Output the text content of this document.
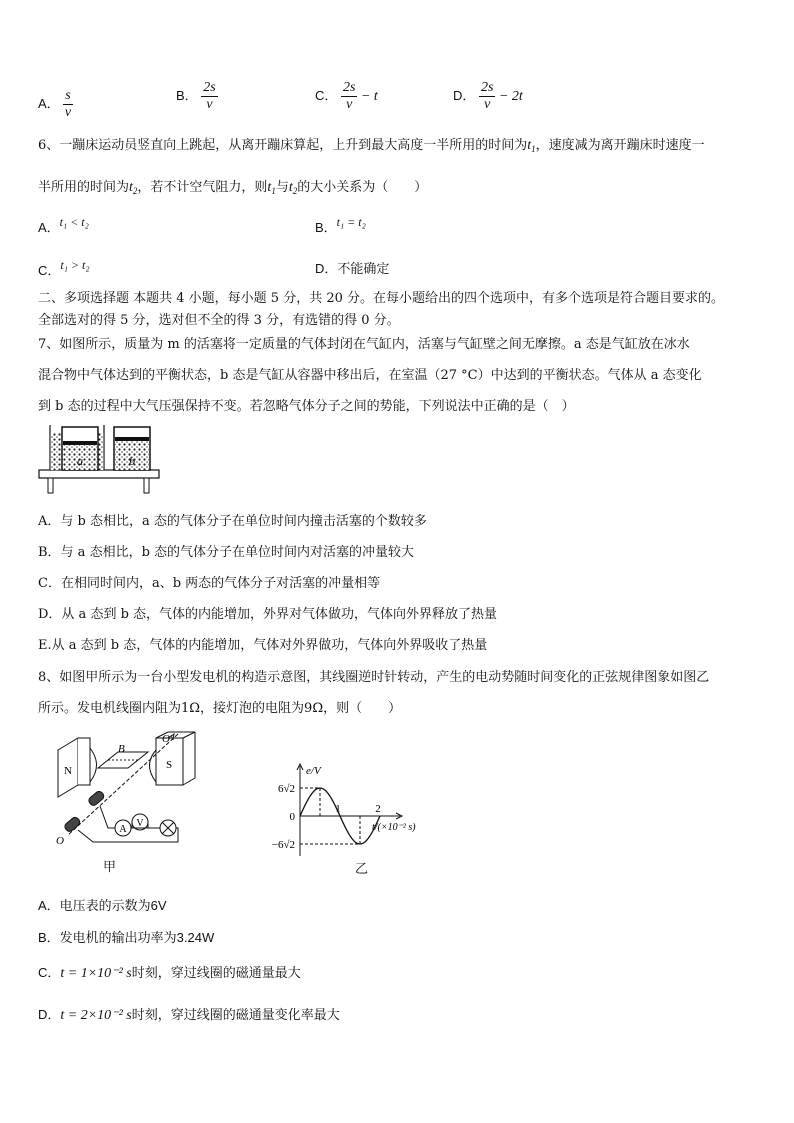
A． $\frac{s}{v}$	B． $\frac{2s}{v}$	C． $\frac{2s}{v} - t$	D． $\frac{2s}{v} - 2t$
6、一蹦床运动员竖直向上跳起，从离开蹦床算起，上升到最大高度一半所用的时间为$t_1$，速度减为离开蹦床时速度一
半所用的时间为$t_2$，若不计空气阻力，则$t_1$与$t_2$的大小关系为（　　）
A．t₁ < t₂	B．t₁ = t₂
C．t₁ > t₂	D．不能确定
二、多项选择题 本题共 4 小题，每小题 5 分，共 20 分。在每小题给出的四个选项中，有多个选项是符合题目要求的。
全部选对的得 5 分，选对但不全的得 3 分，有选错的得 0 分。
7、如图所示，质量为 m 的活塞将一定质量的气体封闭在气缸内，活塞与气缸壁之间无摩擦。a 态是气缸放在冰水
混合物中气体达到的平衡状态，b 态是气缸从容器中移出后，在室温（27 °C）中达到的平衡状态。气体从 a 态变化
到 b 态的过程中大气压强保持不变。若忽略气体分子之间的势能，下列说法中正确的是（　）
a	b
A．与 b 态相比，a 态的气体分子在单位时间内撞击活塞的个数较多
B．与 a 态相比，b 态的气体分子在单位时间内对活塞的冲量较大
C．在相同时间内，a、b 两态的气体分子对活塞的冲量相等
D．从 a 态到 b 态，气体的内能增加，外界对气体做功，气体向外界释放了热量
E.从 a 态到 b 态，气体的内能增加，气体对外界做功，气体向外界吸收了热量
8、如图甲所示为一台小型发电机的构造示意图，其线圈逆时针转动，产生的电动势随时间变化的正弦规律图象如图乙
所示。发电机线圈内阻为1Ω，接灯泡的电阻为9Ω，则（　　）
N	S
B
O'
O
A
V
甲
e/V
t/(×10⁻² s)
6√2
0
−6√2
1	2
乙
A．电压表的示数为6V
B．发电机的输出功率为3.24W
C．t = 1×10⁻² s时刻，穿过线圈的磁通量最大
D．t = 2×10⁻² s时刻，穿过线圈的磁通量变化率最大
